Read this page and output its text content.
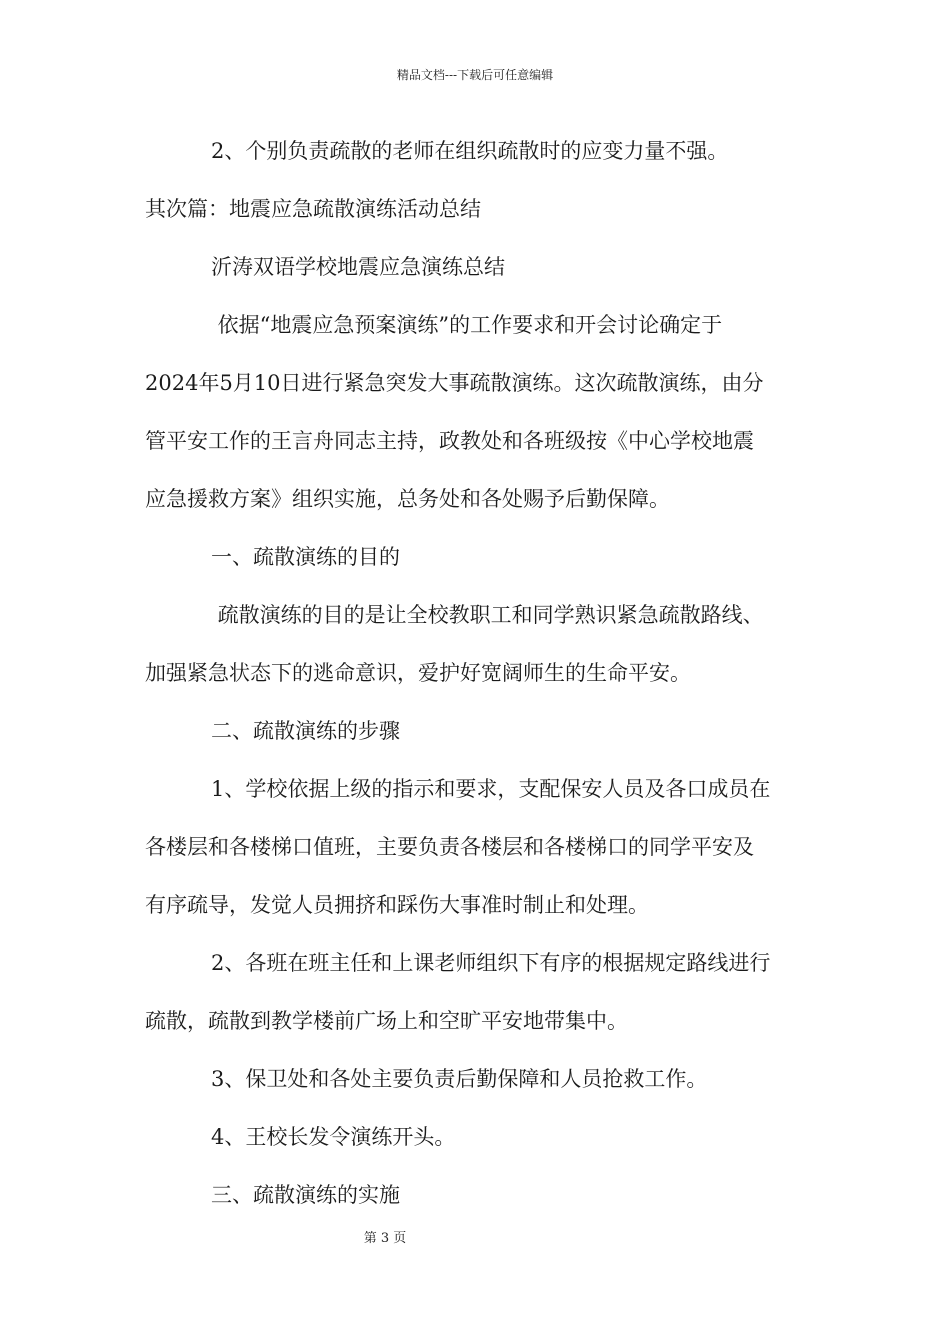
精品文档---下载后可任意编辑
2、个别负责疏散的老师在组织疏散时的应变力量不强。
其次篇：地震应急疏散演练活动总结
沂涛双语学校地震应急演练总结
依据“地震应急预案演练”的工作要求和开会讨论确定于
2024年5月10日进行紧急突发大事疏散演练。这次疏散演练，由分
管平安工作的王言舟同志主持，政教处和各班级按《中心学校地震
应急援救方案》组织实施，总务处和各处赐予后勤保障。
一、疏散演练的目的
疏散演练的目的是让全校教职工和同学熟识紧急疏散路线、
加强紧急状态下的逃命意识，爱护好宽阔师生的生命平安。
二、疏散演练的步骤
1、学校依据上级的指示和要求，支配保安人员及各口成员在
各楼层和各楼梯口值班，主要负责各楼层和各楼梯口的同学平安及
有序疏导，发觉人员拥挤和踩伤大事准时制止和处理。
2、各班在班主任和上课老师组织下有序的根据规定路线进行
疏散，疏散到教学楼前广场上和空旷平安地带集中。
3、保卫处和各处主要负责后勤保障和人员抢救工作。
4、王校长发令演练开头。
三、疏散演练的实施
第 3 页
